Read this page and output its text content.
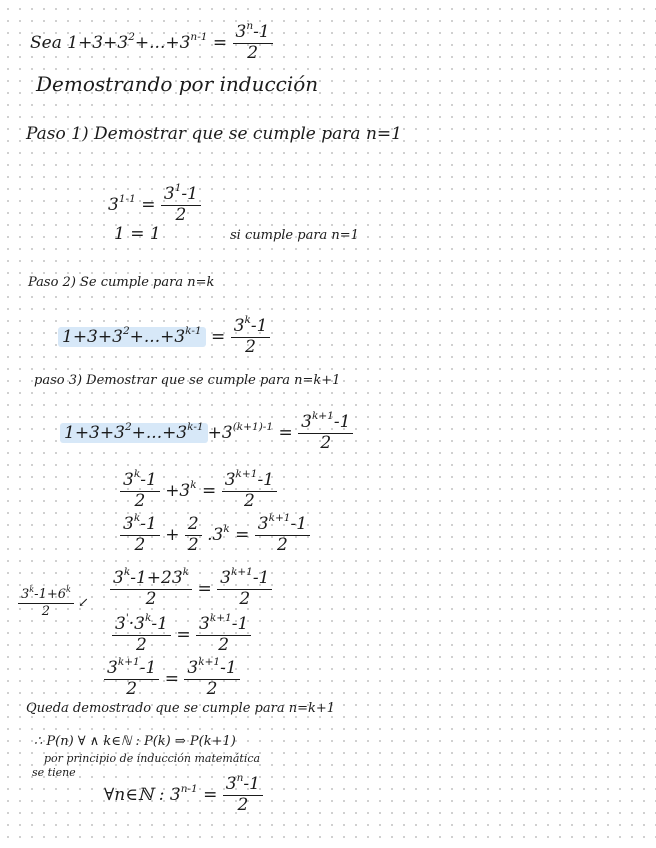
Sea $1+3+3^2+...+3^{n-1} = \frac{3^n-1}{2}$
Demostrando por inducción
Paso 1) Demostrar que se cumple para n=1
$3^{1-1} = \frac{3^1-1}{2}$
1 = 1	si cumple para n=1
Paso 2) Se cumple para n=k
$1+3+3^2+...+3^{k-1} = \frac{3^k-1}{2}$
paso 3) Demostrar que se cumple para n=k+1
$1+3+3^2+...+3^{k-1} +3^{(k+1)-1} = \frac{3^{k+1}-1}{2}$
$\frac{3^k-1}{2} +3^k = \frac{3^{k+1}-1}{2}$
$\frac{3^k-1}{2} + \frac{2}{2} .3^k = \frac{3^{k+1}-1}{2}$
$\frac{3^k-1+6^k}{2}$ ↙ $\frac{3^k-1+23^k}{2} = \frac{3^{k+1}-1}{2}$
$\frac{3'\cdot 3^k-1}{2} = \frac{3^{k+1}-1}{2}$
$\frac{3^{k+1}-1}{2} = \frac{3^{k+1}-1}{2}$
Queda demostrado que se cumple para n=k+1
∴ P(n) ∀ ∧ k∈ℕ : P(k) ⇒ P(k+1)
por principio de inducción matemática
se tiene
∀n∈ℕ : $3^{n-1} = \frac{3^n-1}{2}$
